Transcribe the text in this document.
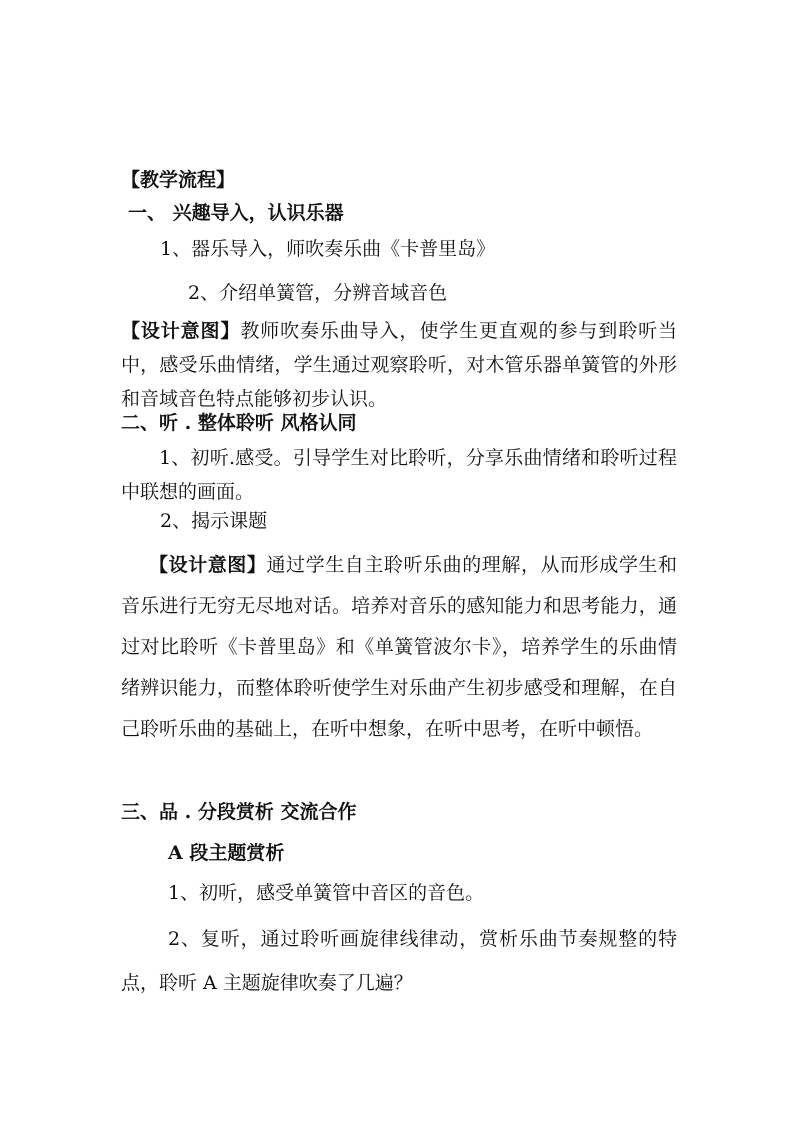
【教学流程】
一、 兴趣导入，认识乐器
1、器乐导入，师吹奏乐曲《卡普里岛》
2、介绍单簧管，分辨音域音色
【设计意图】教师吹奏乐曲导入，使学生更直观的参与到聆听当中，感受乐曲情绪，学生通过观察聆听，对木管乐器单簧管的外形和音域音色特点能够初步认识。
二、听 . 整体聆听 风格认同
1、初听.感受。引导学生对比聆听，分享乐曲情绪和聆听过程中联想的画面。
2、揭示课题
【设计意图】通过学生自主聆听乐曲的理解，从而形成学生和音乐进行无穷无尽地对话。培养对音乐的感知能力和思考能力，通过对比聆听《卡普里岛》和《单簧管波尔卡》，培养学生的乐曲情绪辨识能力，而整体聆听使学生对乐曲产生初步感受和理解，在自己聆听乐曲的基础上，在听中想象，在听中思考，在听中顿悟。
三、品 . 分段赏析 交流合作
A 段主题赏析
1、初听，感受单簧管中音区的音色。
2、复听，通过聆听画旋律线律动，赏析乐曲节奏规整的特点，聆听 A 主题旋律吹奏了几遍？
